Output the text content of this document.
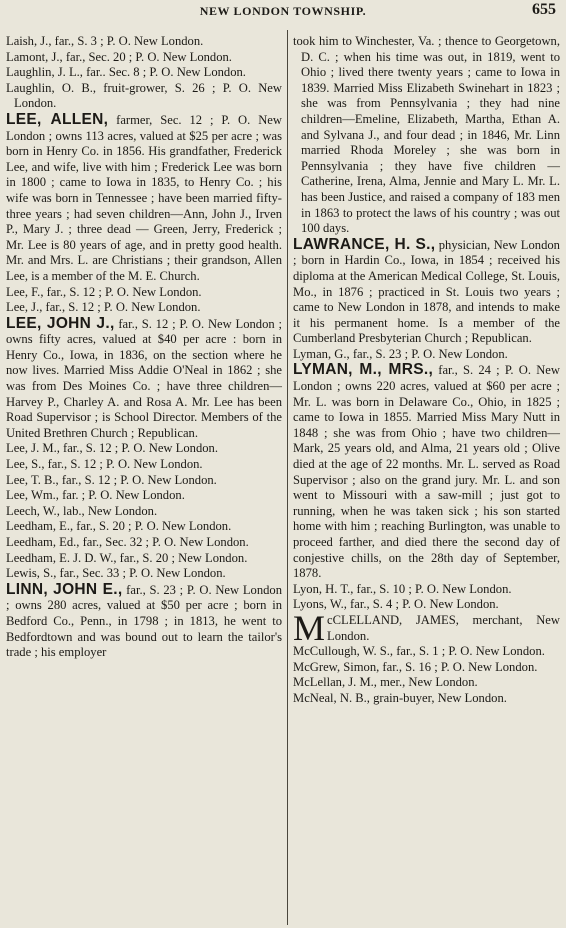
NEW LONDON TOWNSHIP.	655
Laish, J., far., S. 3 ; P. O. New London.
Lamont, J., far., Sec. 20 ; P. O. New London.
Laughlin, J. L., far.. Sec. 8 ; P. O. New London.
Laughlin, O. B., fruit-grower, S. 26 ; P. O. New London.
LEE, ALLEN, farmer, Sec. 12 ; P. O. New London ; owns 113 acres, valued at $25 per acre ; was born in Henry Co. in 1856. His grandfather, Frederick Lee, and wife, live with him ; Frederick Lee was born in 1800 ; came to Iowa in 1835, to Henry Co. ; his wife was born in Tennessee ; have been married fifty-three years ; had seven children—Ann, John J., Irven P., Mary J. ; three dead — Green, Jerry, Frederick ; Mr. Lee is 80 years of age, and in pretty good health. Mr. and Mrs. L. are Christians ; their grandson, Allen Lee, is a member of the M. E. Church.
Lee, F., far., S. 12 ; P. O. New London.
Lee, J., far., S. 12 ; P. O. New London.
LEE, JOHN J., far., S. 12 ; P. O. New London ; owns fifty acres, valued at $40 per acre : born in Henry Co., Iowa, in 1836, on the section where he now lives. Married Miss Addie O'Neal in 1862 ; she was from Des Moines Co. ; have three children—Harvey P., Charley A. and Rosa A. Mr. Lee has been Road Supervisor ; is School Director. Members of the United Brethren Church ; Republican.
Lee, J. M., far., S. 12 ; P. O. New London.
Lee, S., far., S. 12 ; P. O. New London.
Lee, T. B., far., S. 12 ; P. O. New London.
Lee, Wm., far. ; P. O. New London.
Leech, W., lab., New London.
Leedham, E., far., S. 20 ; P. O. New London.
Leedham, Ed., far., Sec. 32 ; P. O. New London.
Leedham, E. J. D. W., far., S. 20 ; New London.
Lewis, S., far., Sec. 33 ; P. O. New London.
LINN, JOHN E., far., S. 23 ; P. O. New London ; owns 280 acres, valued at $50 per acre ; born in Bedford Co., Penn., in 1798 ; in 1813, he went to Bedfordtown and was bound out to learn the tailor's trade ; his employer
took him to Winchester, Va. ; thence to Georgetown, D. C. ; when his time was out, in 1819, went to Ohio ; lived there twenty years ; came to Iowa in 1839. Married Miss Elizabeth Swinehart in 1823 ; she was from Pennsylvania ; they had nine children—Emeline, Elizabeth, Martha, Ethan A. and Sylvana J., and four dead ; in 1846, Mr. Linn married Rhoda Moreley ; she was born in Pennsylvania ; they have five children —Catherine, Irena, Alma, Jennie and Mary L. Mr. L. has been Justice, and raised a company of 183 men in 1863 to protect the laws of his country ; was out 100 days.
LAWRANCE, H. S., physician, New London ; born in Hardin Co., Iowa, in 1854 ; received his diploma at the American Medical College, St. Louis, Mo., in 1876 ; practiced in St. Louis two years ; came to New London in 1878, and intends to make it his permanent home. Is a member of the Cumberland Presbyterian Church ; Republican.
Lyman, G., far., S. 23 ; P. O. New London.
LYMAN, M., MRS., far., S. 24 ; P. O. New London ; owns 220 acres, valued at $60 per acre ; Mr. L. was born in Delaware Co., Ohio, in 1825 ; came to Iowa in 1855. Married Miss Mary Nutt in 1848 ; she was from Ohio ; have two children—Mark, 25 years old, and Alma, 21 years old ; Olive died at the age of 22 months. Mr. L. served as Road Supervisor ; also on the grand jury. Mr. L. and son went to Missouri with a saw-mill ; just got to running, when he was taken sick ; his son started home with him ; reaching Burlington, was unable to proceed farther, and died there the second day of conjestive chills, on the 28th day of September, 1878.
Lyon, H. T., far., S. 10 ; P. O. New London.
Lyons, W., far., S. 4 ; P. O. New London.
McCLELLAND, JAMES, merchant, New London.
McCullough, W. S., far., S. 1 ; P. O. New London.
McGrew, Simon, far., S. 16 ; P. O. New London.
McLellan, J. M., mer., New London.
McNeal, N. B., grain-buyer, New London.
